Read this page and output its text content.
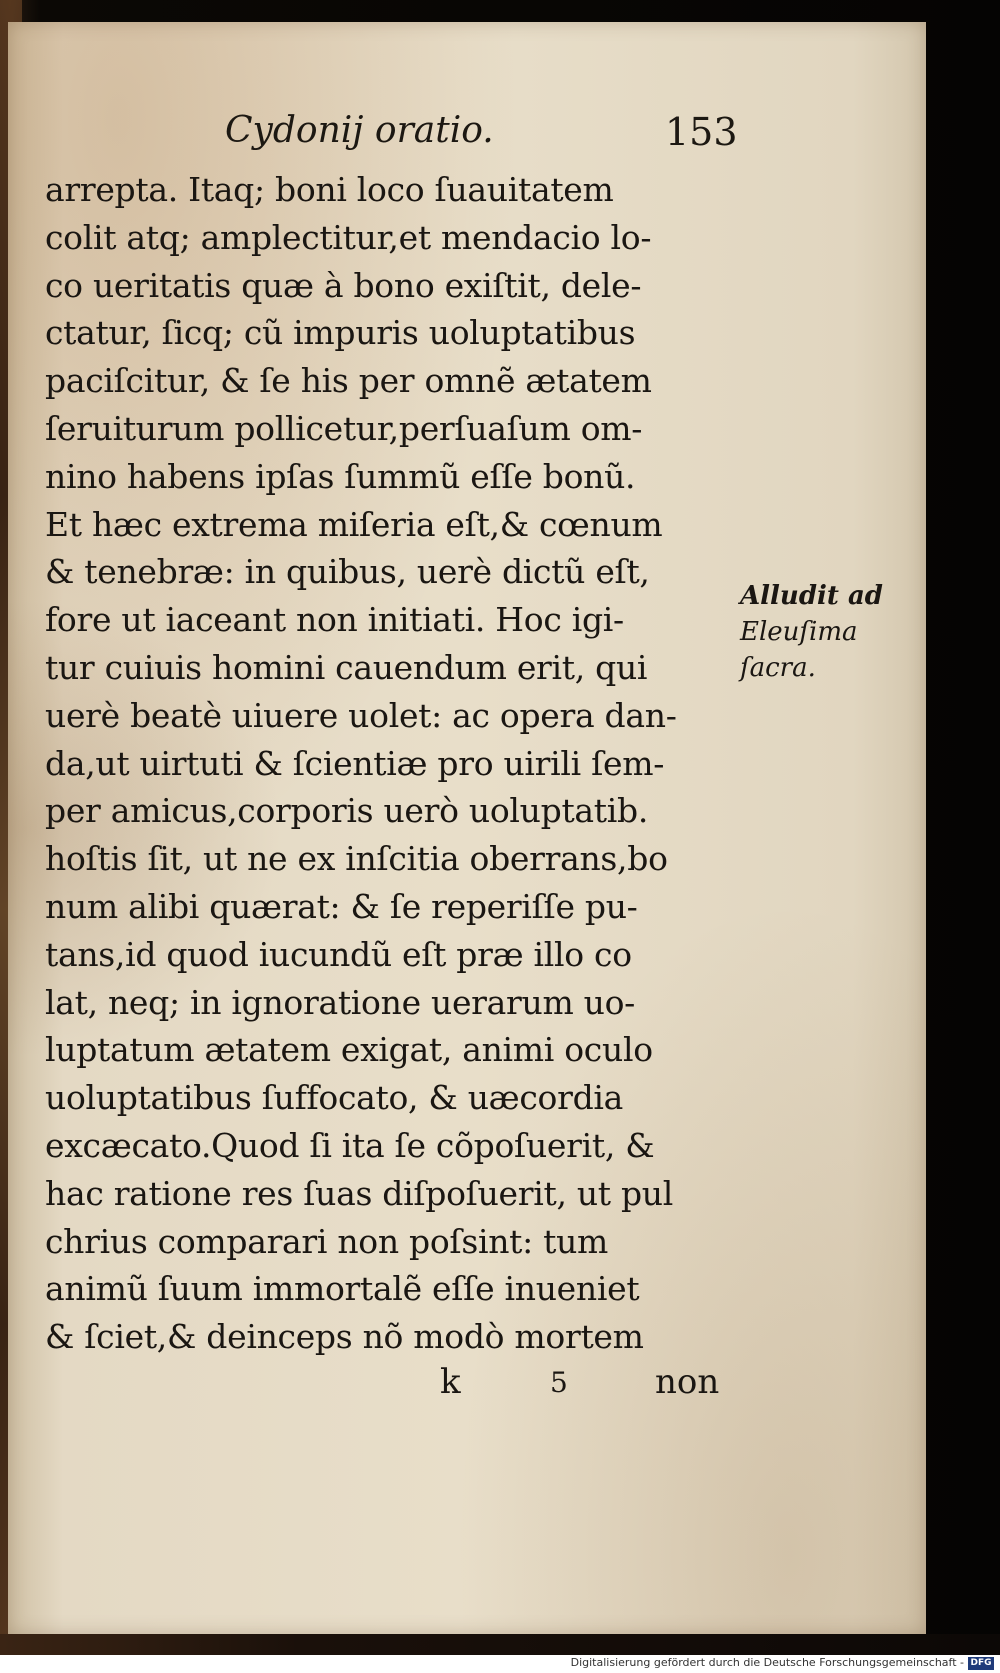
Cydonij oratio.	153
arrepta. Itaq; boni loco ſuauitatem
colit atq; amplectitur,et mendacio lo-
co ueritatis quæ à bono exiſtit, dele-
ctatur, ſicq; cũ impuris uoluptatibus
paciſcitur, & ſe his per omnẽ ætatem
ſeruiturum pollicetur,perſuaſum om-
nino habens ipſas ſummũ eſſe bonũ.
Et hæc extrema miſeria eſt,& cœnum
& tenebræ: in quibus, uerè dictũ eſt,
fore ut iaceant non initiati. Hoc igi-
tur cuiuis homini cauendum erit, qui
uerè beatè uiuere uolet: ac opera dan-
da,ut uirtuti & ſcientiæ pro uirili ſem-
per amicus,corporis uerò uoluptatib.
hoſtis ſit, ut ne ex inſcitia oberrans,bo
num alibi quærat: & ſe reperiſſe pu-
tans,id quod iucundũ eſt præ illo co
lat, neq; in ignoratione uerarum uo-
luptatum ætatem exigat, animi oculo
uoluptatibus ſuffocato, & uæcordia
excæcato.Quod ſi ita ſe cõpoſuerit, &
hac ratione res ſuas diſpoſuerit, ut pul
chrius comparari non poſsint: tum
animũ ſuum immortalẽ eſſe inueniet
& ſciet,& deinceps nõ modò mortem
k	5	non
Alludit ad
Eleuſima
ſacra.
Digitalisierung gefördert durch die Deutsche Forschungsgemeinschaft - DFG
